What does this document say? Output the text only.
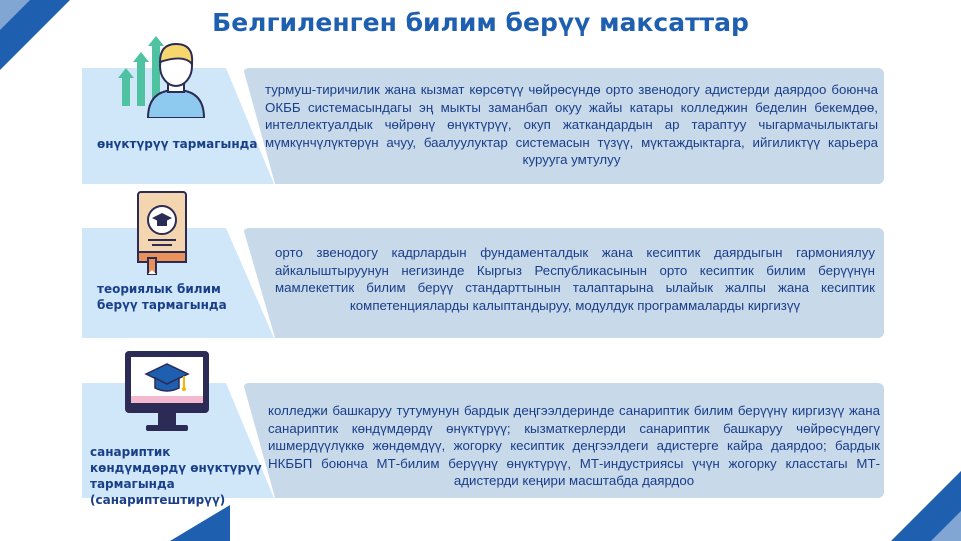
Белгиленген билим берүү максаттар
өнүктүрүү тармагында
турмуш-тиричилик жана кызмат көрсөтүү чөйрөсүндө орто звенодогу адистерди даярдоо боюнча ОКББ системасындагы эң мыкты заманбап окуу жайы катары колледжин беделин бекемдөө, интеллектуалдык чөйрөнү өнүктүрүү, окуп жаткандардын ар тараптуу чыгармачылыктагы мүмкүнчүлүктөрүн ачуу, баалуулуктар системасын түзүү, мүктаждыктарга, ийгиликтүү карьера курууга умтулуу
теориялык билим берүү тармагында
орто звенодогу кадрлардын фундаменталдык жана кесиптик даярдыгын гармониялуу айкалыштыруунун негизинде Кыргыз Республикасынын орто кесиптик билим берүүнүн мамлекеттик билим берүү стандарттынын талаптарына ылайык жалпы жана кесиптик компетенцияларды калыптандыруу, модулдук программаларды киргизүү
санариптик көндүмдөрдү өнүктүрүү тармагында (санариптештирүү)
колледжи башкаруу тутумунун бардык деңгээлдеринде санариптик билим берүүнү киргизүү жана санариптик көндүмдөрдү өнүктүрүү; кызматкерлерди санариптик башкаруу чөйрөсүндөгү ишмердүүлүккө жөндөмдүү, жогорку кесиптик деңгээлдеги адистерге кайра даярдоо; бардык НКББП боюнча МТ-билим берүүнү өнүктүрүү, МТ-индустриясы үчүн жогорку класстагы МТ-адистерди кеңири масштабда даярдоо
